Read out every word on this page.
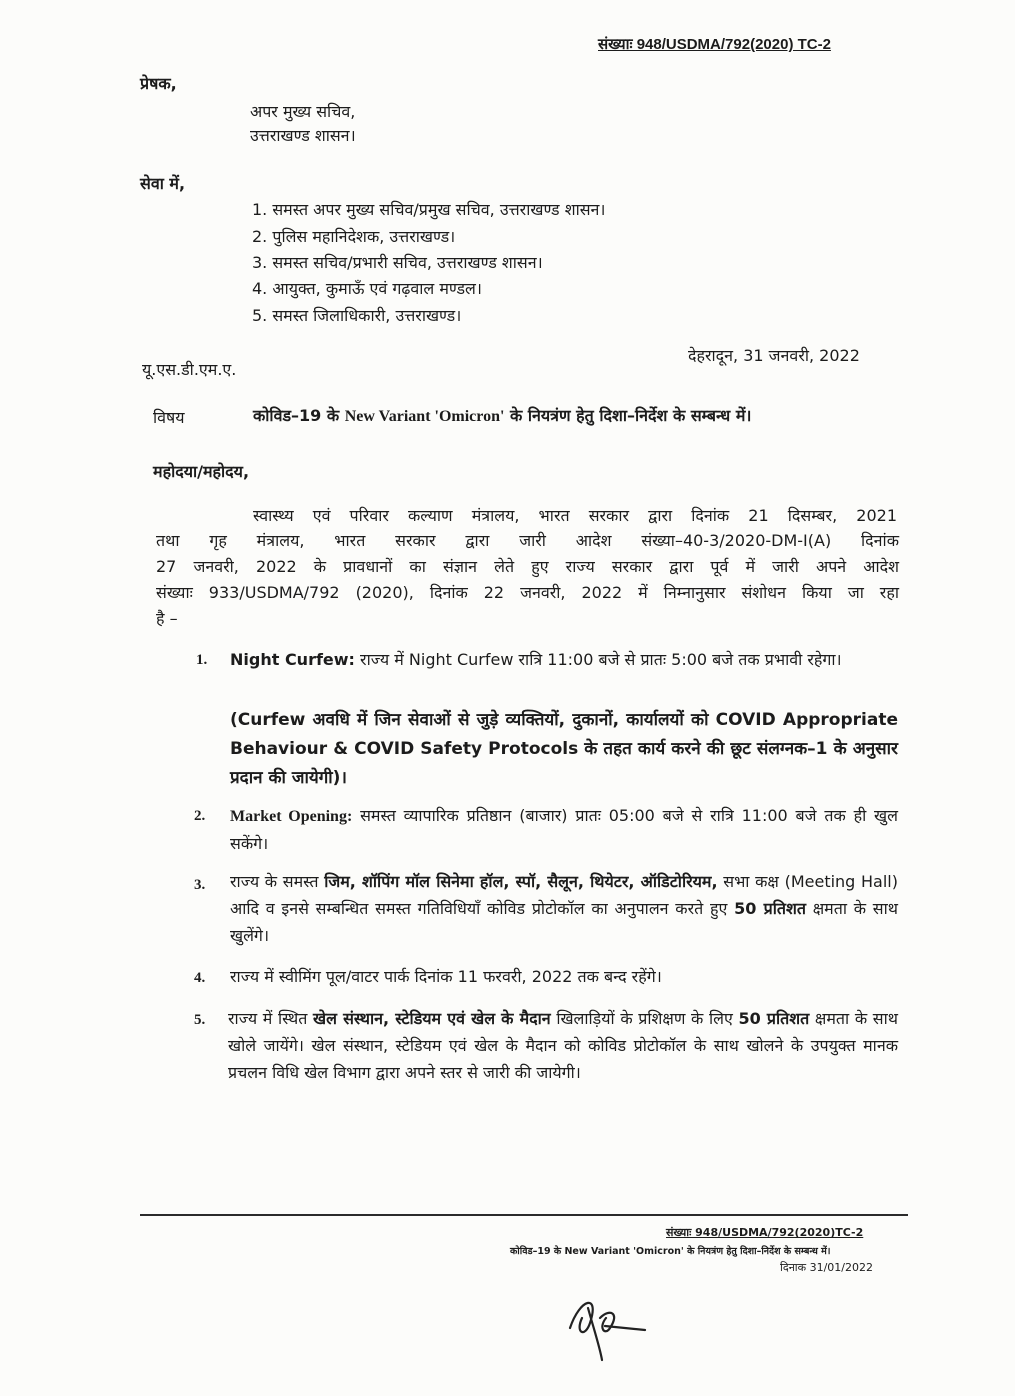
संख्याः 948/USDMA/792(2020) TC-2
प्रेषक,
अपर मुख्य सचिव,
उत्तराखण्ड शासन।
सेवा में,
1. समस्त अपर मुख्य सचिव/प्रमुख सचिव, उत्तराखण्ड शासन।
2. पुलिस महानिदेशक, उत्तराखण्ड।
3. समस्त सचिव/प्रभारी सचिव, उत्तराखण्ड शासन।
4. आयुक्त, कुमाऊँ एवं गढ़वाल मण्डल।
5. समस्त जिलाधिकारी, उत्तराखण्ड।
यू.एस.डी.एम.ए.
देहरादून, 31 जनवरी, 2022
विषय	कोविड–19 के New Variant 'Omicron' के नियत्रंण हेतु दिशा–निर्देश के सम्बन्ध में।
महोदया/महोदय,
स्वास्थ्य एवं परिवार कल्याण मंत्रालय, भारत सरकार द्वारा दिनांक 21 दिसम्बर, 2021
तथा गृह मंत्रालय, भारत सरकार द्वारा जारी आदेश संख्या–40-3/2020-DM-I(A) दिनांक
27 जनवरी, 2022 के प्रावधानों का संज्ञान लेते हुए राज्य सरकार द्वारा पूर्व में जारी अपने आदेश
संख्याः 933/USDMA/792 (2020), दिनांक 22 जनवरी, 2022 में निम्नानुसार संशोधन किया जा रहा
है –
1. Night Curfew: राज्य में Night Curfew रात्रि 11:00 बजे से प्रातः 5:00 बजे तक प्रभावी रहेगा।
(Curfew अवधि में जिन सेवाओं से जुड़े व्यक्तियों, दुकानों, कार्यालयों को COVID Appropriate Behaviour & COVID Safety Protocols के तहत कार्य करने की छूट संलग्नक–1 के अनुसार प्रदान की जायेगी)।
2. Market Opening: समस्त व्यापारिक प्रतिष्ठान (बाजार) प्रातः 05:00 बजे से रात्रि 11:00 बजे तक ही खुल सकेंगे।
3. राज्य के समस्त जिम, शॉपिंग मॉल सिनेमा हॉल, स्पॉ, सैलून, थियेटर, ऑडिटोरियम, सभा कक्ष (Meeting Hall) आदि व इनसे सम्बन्धित समस्त गतिविधियाँ कोविड प्रोटोकॉल का अनुपालन करते हुए 50 प्रतिशत क्षमता के साथ खुलेंगे।
4. राज्य में स्वीमिंग पूल/वाटर पार्क दिनांक 11 फरवरी, 2022 तक बन्द रहेंगे।
5. राज्य में स्थित खेल संस्थान, स्टेडियम एवं खेल के मैदान खिलाड़ियों के प्रशिक्षण के लिए 50 प्रतिशत क्षमता के साथ खोले जायेंगे। खेल संस्थान, स्टेडियम एवं खेल के मैदान को कोविड प्रोटोकॉल के साथ खोलने के उपयुक्त मानक प्रचलन विधि खेल विभाग द्वारा अपने स्तर से जारी की जायेगी।
संख्याः 948/USDMA/792(2020)TC-2
कोविड–19 के New Variant 'Omicron' के नियत्रंण हेतु दिशा–निर्देश के सम्बन्ध में।
दिनाक 31/01/2022
